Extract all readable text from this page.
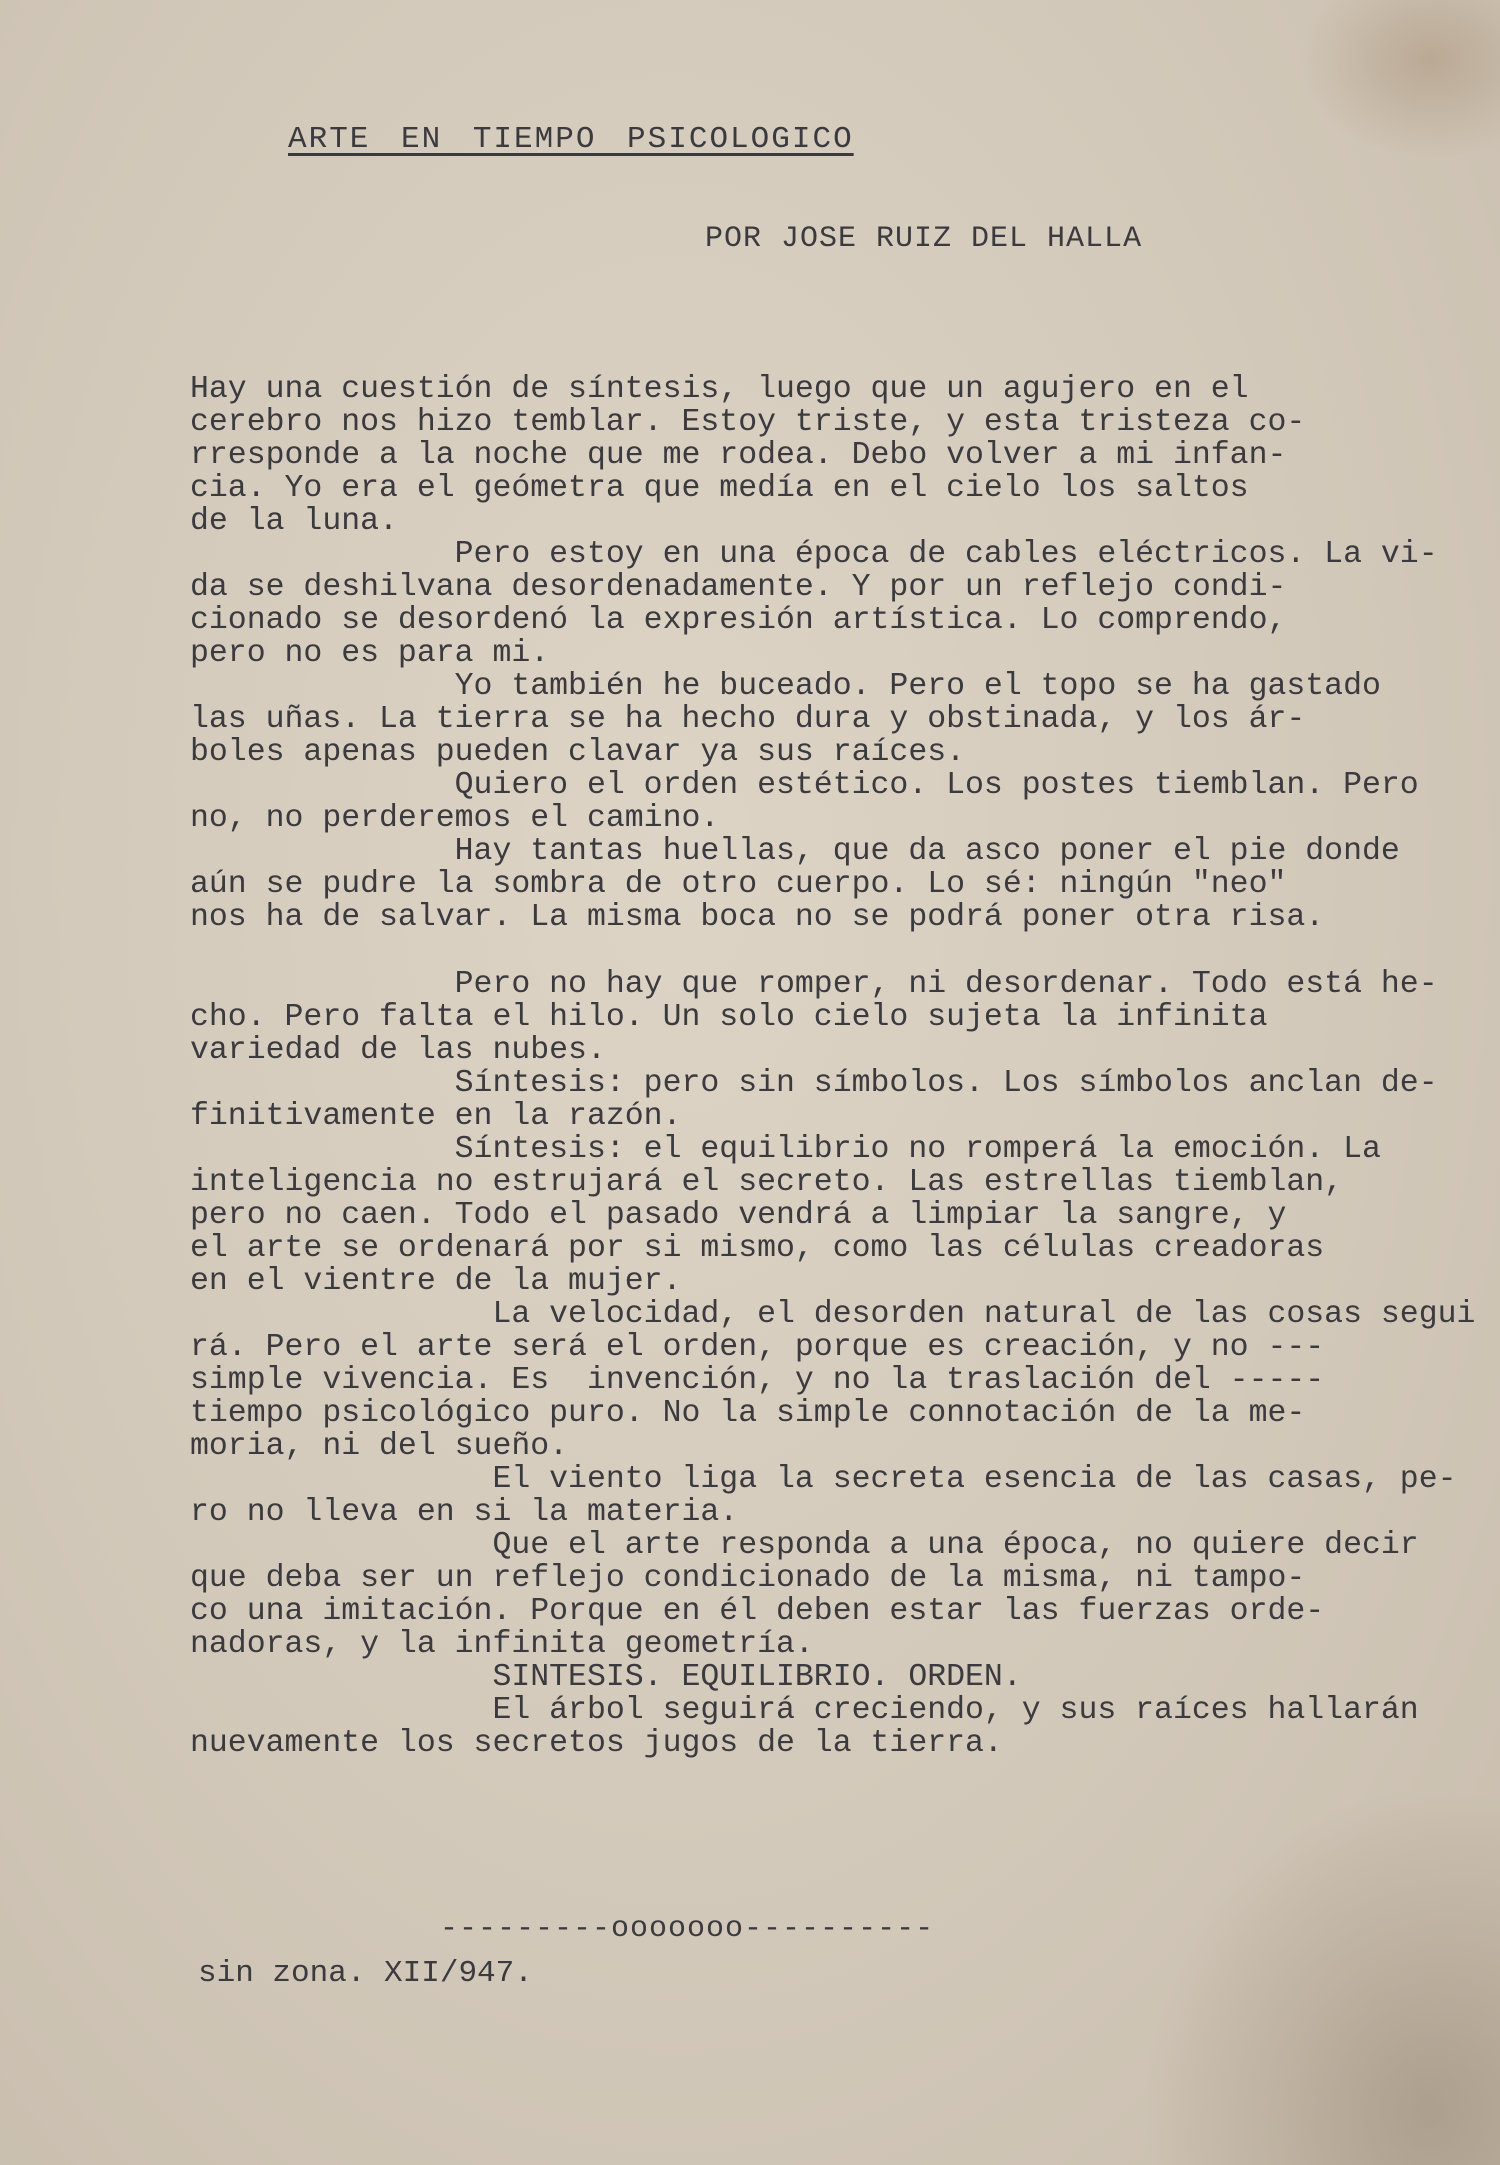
ARTE EN TIEMPO PSICOLOGICO

POR JOSE RUIZ DEL HALLA

Hay una cuestión de síntesis, luego que un agujero en el
cerebro nos hizo temblar. Estoy triste, y esta tristeza co-
rresponde a la noche que me rodea. Debo volver a mi infan-
cia. Yo era el geómetra que medía en el cielo los saltos
de la luna.
Pero estoy en una época de cables eléctricos. La vi-
da se deshilvana desordenadamente. Y por un reflejo condi-
cionado se desordenó la expresión artística. Lo comprendo,
pero no es para mi.
Yo también he buceado. Pero el topo se ha gastado
las uñas. La tierra se ha hecho dura y obstinada, y los ár-
boles apenas pueden clavar ya sus raíces.
Quiero el orden estético. Los postes tiemblan. Pero
no, no perderemos el camino.
Hay tantas huellas, que da asco poner el pie donde
aún se pudre la sombra de otro cuerpo. Lo sé: ningún "neo"
nos ha de salvar. La misma boca no se podrá poner otra risa.
Pero no hay que romper, ni desordenar. Todo está he-
cho. Pero falta el hilo. Un solo cielo sujeta la infinita
variedad de las nubes.
Síntesis: pero sin símbolos. Los símbolos anclan de-
finitivamente en la razón.
Síntesis: el equilibrio no romperá la emoción. La
inteligencia no estrujará el secreto. Las estrellas tiemblan,
pero no caen. Todo el pasado vendrá a limpiar la sangre, y
el arte se ordenará por si mismo, como las células creadoras
en el vientre de la mujer.
La velocidad, el desorden natural de las cosas segui
rá. Pero el arte será el orden, porque es creación, y no ---
simple vivencia. Es  invención, y no la traslación del -----
tiempo psicológico puro. No la simple connotación de la me-
moria, ni del sueño.
El viento liga la secreta esencia de las casas, pe-
ro no lleva en si la materia.
Que el arte responda a una época, no quiere decir
que deba ser un reflejo condicionado de la misma, ni tampo-
co una imitación. Porque en él deben estar las fuerzas orde-
nadoras, y la infinita geometría.
SINTESIS. EQUILIBRIO. ORDEN.
El árbol seguirá creciendo, y sus raíces hallarán
nuevamente los secretos jugos de la tierra.
---------ooooooo----------
sin zona. XII/947.
